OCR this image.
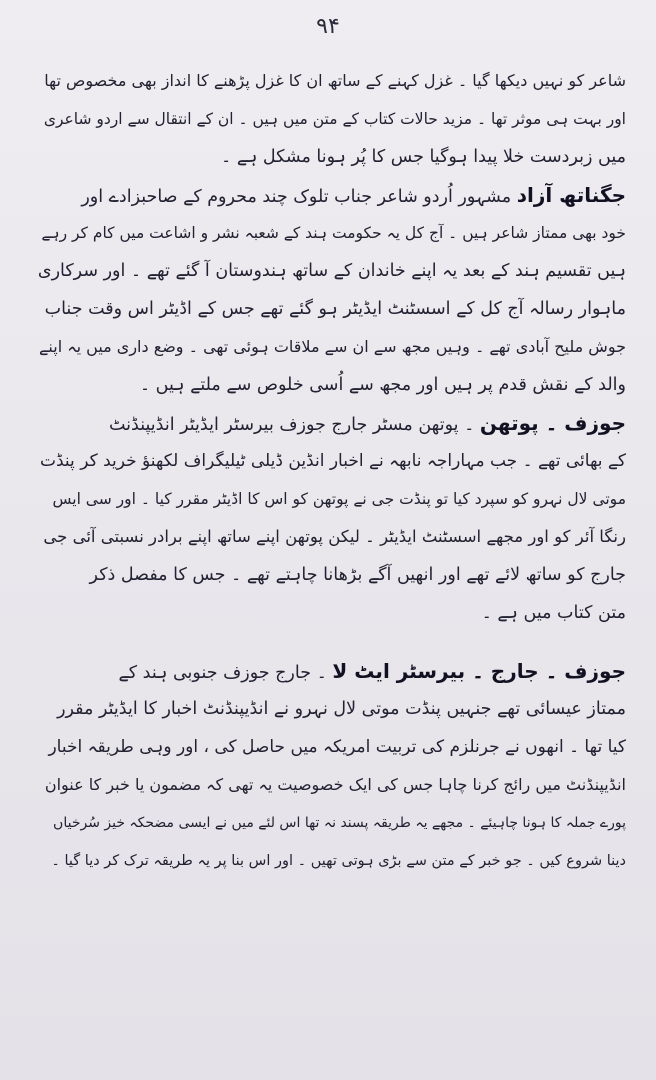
۹۴
شاعر کو نہیں دیکھا گیا ۔ غزل کہنے کے ساتھ ان کا غزل پڑھنے کا انداز بھی مخصوص تھا
اور بہت ہی موثر تھا ۔ مزید حالات کتاب کے متن میں ہیں ۔ ان کے انتقال سے اردو شاعری
میں زبردست خلا پیدا ہوگیا جس کا پُر ہونا مشکل ہے ۔
جگناتھ آزاد مشہور اُردو شاعر جناب تلوک چند محروم کے صاحبزادے اور
خود بھی ممتاز شاعر ہیں ۔ آج کل یہ حکومت ہند کے شعبہ نشر و اشاعت میں کام کر رہے
ہیں تقسیم ہند کے بعد یہ اپنے خاندان کے ساتھ ہندوستان آ گئے تھے ۔ اور سرکاری
ماہوار رسالہ آج کل کے اسسٹنٹ ایڈیٹر ہو گئے تھے جس کے اڈیٹر اس وقت جناب
جوش ملیح آبادی تھے ۔ وہیں مجھ سے ان سے ملاقات ہوئی تھی ۔ وضع داری میں یہ اپنے
والد کے نقش قدم پر ہیں اور مجھ سے اُسی خلوص سے ملتے ہیں ۔
جوزف ۔ پوتھن ۔ پوتھن مسٹر جارج جوزف بیرسٹر ایڈیٹر انڈیپنڈنٹ
کے بھائی تھے ۔ جب مہاراجہ نابھہ نے اخبار انڈین ڈیلی ٹیلیگراف لکھنؤ خرید کر پنڈت
موتی لال نہرو کو سپرد کیا تو پنڈت جی نے پوتھن کو اس کا اڈیٹر مقرر کیا ۔ اور سی ایس
رنگا آئر کو اور مجھے اسسٹنٹ ایڈیٹر ۔ لیکن پوتھن اپنے ساتھ اپنے برادر نسبتی آئی جی
جارج کو ساتھ لائے تھے اور انھیں آگے بڑھانا چاہتے تھے ۔ جس کا مفصل ذکر
متن کتاب میں ہے ۔
جوزف ۔ جارج ۔ بیرسٹر ایٹ لا ۔ جارج جوزف جنوبی ہند کے
ممتاز عیسائی تھے جنہیں پنڈت موتی لال نہرو نے انڈیپنڈنٹ اخبار کا ایڈیٹر مقرر
کیا تھا ۔ انھوں نے جرنلزم کی تربیت امریکہ میں حاصل کی ، اور وہی طریقہ اخبار
انڈیپنڈنٹ میں رائج کرنا چاہا جس کی ایک خصوصیت یہ تھی کہ مضمون یا خبر کا عنوان
پورے جملہ کا ہونا چاہیئے ۔ مجھے یہ طریقہ پسند نہ تھا اس لئے میں نے ایسی مضحکہ خیز سُرخیاں
دینا شروع کیں ۔ جو خبر کے متن سے بڑی ہوتی تھیں ۔ اور اس بنا پر یہ طریقہ ترک کر دیا گیا ۔
